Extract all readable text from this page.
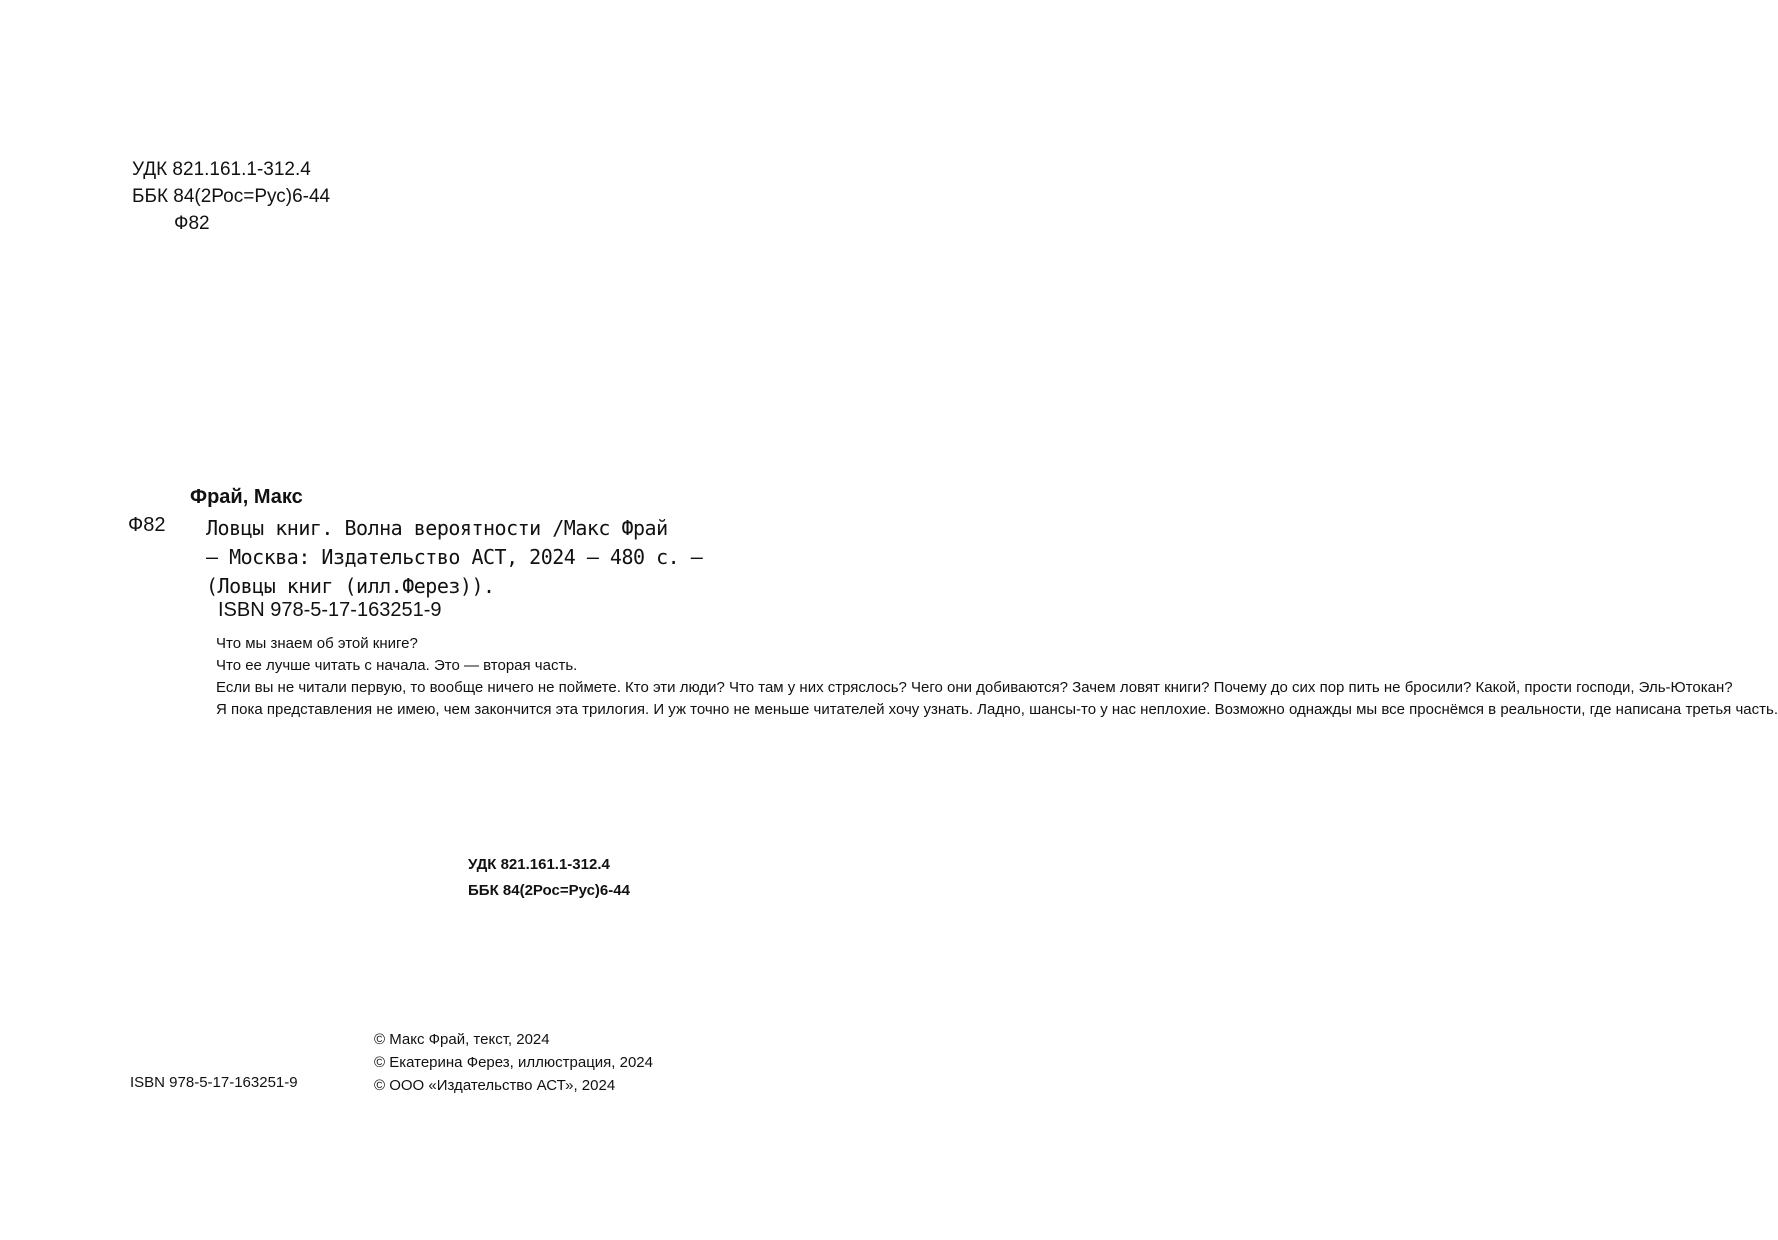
УДК 821.161.1-312.4
ББК 84(2Рос=Рус)6-44
Ф82
Фрай, Макс
Ф82 Ловцы книг. Волна вероятности /Макс Фрай
– Москва: Издательство АСТ, 2024 – 480 с. –
(Ловцы книг (илл.Ферез)).
ISBN 978-5-17-163251-9

Что мы знаем об этой книге?

Что ее лучше читать с начала. Это — вторая часть.

Если вы не читали первую, то вообще ничего не поймете. Кто эти люди? Что там у них стряслось? Чего они добиваются? Зачем ловят книги? Почему до сих пор пить не бросили? Какой, прости господи, Эль-Ютокан?

Я пока представления не имею, чем закончится эта трилогия. И уж точно не меньше читателей хочу узнать. Ладно, шансы-то у нас неплохие. Возможно однажды мы все проснёмся в реальности, где написана третья часть.

УДК 821.161.1-312.4
ББК 84(2Рос=Рус)6-44
© Макс Фрай, текст, 2024
© Екатерина Ферез, иллюстрация, 2024
© ООО «Издательство АСТ», 2024
ISBN 978-5-17-163251-9
